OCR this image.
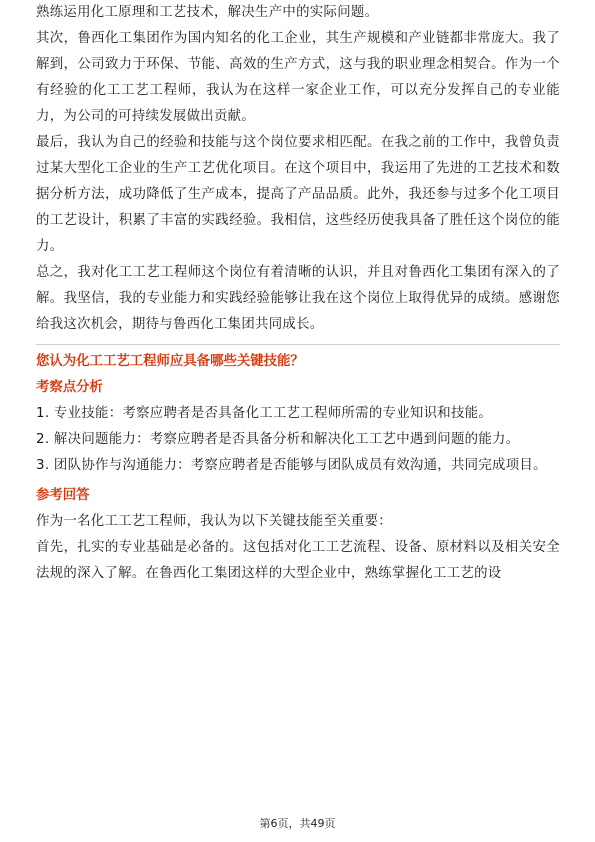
熟练运用化工原理和工艺技术，解决生产中的实际问题。

其次，鲁西化工集团作为国内知名的化工企业，其生产规模和产业链都非常庞大。我了解到，公司致力于环保、节能、高效的生产方式，这与我的职业理念相契合。作为一个有经验的化工工艺工程师，我认为在这样一家企业工作，可以充分发挥自己的专业能力，为公司的可持续发展做出贡献。

最后，我认为自己的经验和技能与这个岗位要求相匹配。在我之前的工作中，我曾负责过某大型化工企业的生产工艺优化项目。在这个项目中，我运用了先进的工艺技术和数据分析方法，成功降低了生产成本，提高了产品品质。此外，我还参与过多个化工项目的工艺设计，积累了丰富的实践经验。我相信，这些经历使我具备了胜任这个岗位的能力。

总之，我对化工工艺工程师这个岗位有着清晰的认识，并且对鲁西化工集团有深入的了解。我坚信，我的专业能力和实践经验能够让我在这个岗位上取得优异的成绩。感谢您给我这次机会，期待与鲁西化工集团共同成长。

您认为化工工艺工程师应具备哪些关键技能？

考察点分析

1. 专业技能：考察应聘者是否具备化工工艺工程师所需的专业知识和技能。

2. 解决问题能力：考察应聘者是否具备分析和解决化工工艺中遇到问题的能力。

3. 团队协作与沟通能力：考察应聘者是否能够与团队成员有效沟通，共同完成项目。

参考回答

作为一名化工工艺工程师，我认为以下关键技能至关重要：

首先，扎实的专业基础是必备的。这包括对化工工艺流程、设备、原材料以及相关安全法规的深入了解。在鲁西化工集团这样的大型企业中，熟练掌握化工工艺的设

第6页，共49页
